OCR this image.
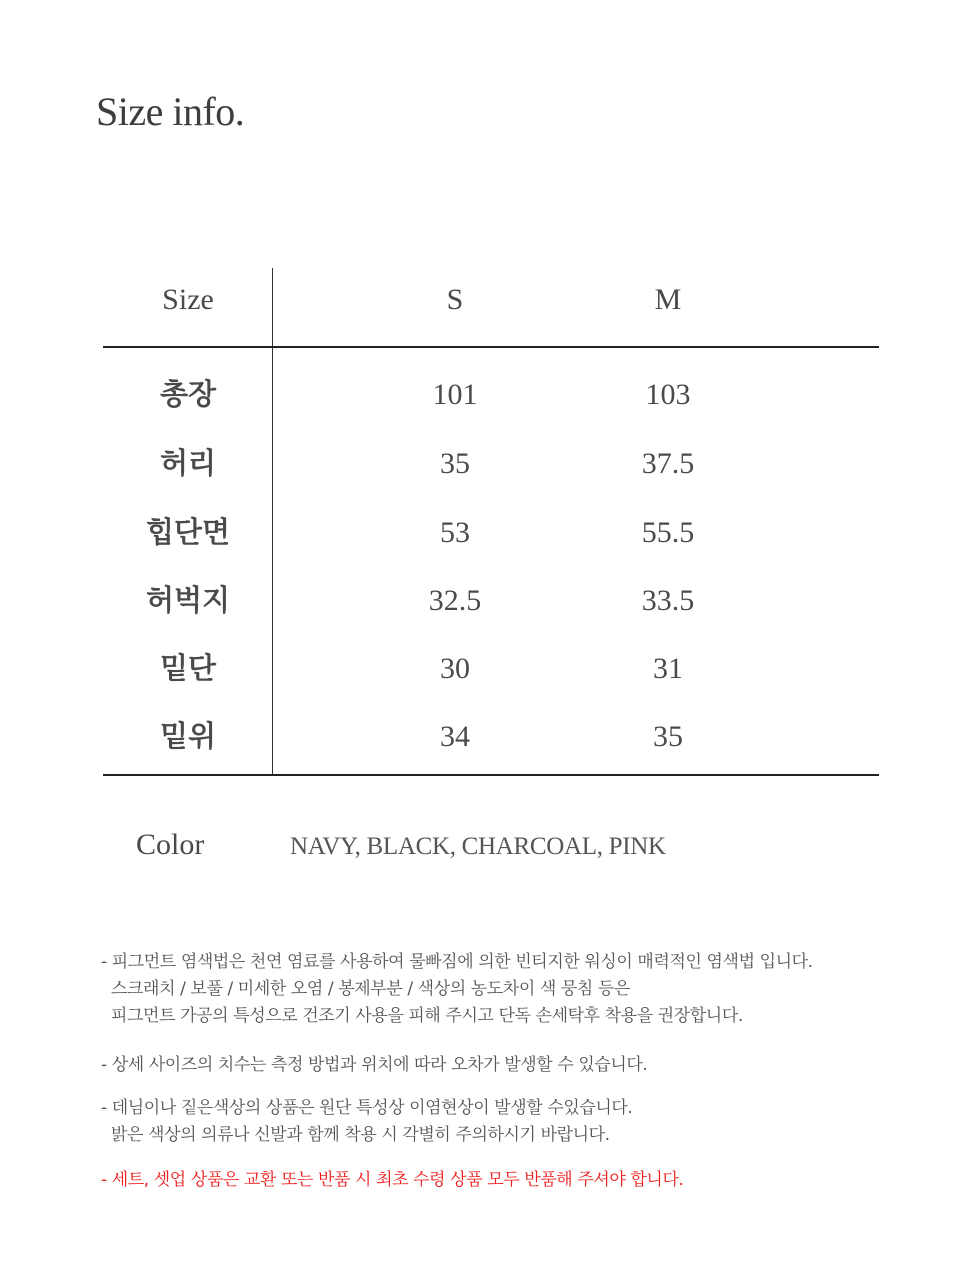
Size info.
Size	S	M
총장	101	103
허리	35	37.5
힙단면	53	55.5
허벅지	32.5	33.5
밑단	30	31
밑위	34	35
Color	NAVY, BLACK, CHARCOAL, PINK
- 피그먼트 염색법은 천연 염료를 사용하여 물빠짐에 의한 빈티지한 워싱이 매력적인 염색법 입니다.
스크래치 / 보풀 / 미세한 오염 / 봉제부분 / 색상의 농도차이 색 뭉침 등은
피그먼트 가공의 특성으로 건조기 사용을 피해 주시고 단독 손세탁후 착용을 권장합니다.
- 상세 사이즈의 치수는 측정 방법과 위치에 따라 오차가 발생할 수 있습니다.
- 데님이나 짙은색상의 상품은 원단 특성상 이염현상이 발생할 수있습니다.
밝은 색상의 의류나 신발과 함께 착용 시 각별히 주의하시기 바랍니다.
- 세트, 셋업 상품은 교환 또는 반품 시 최초 수령 상품 모두 반품해 주셔야 합니다.
